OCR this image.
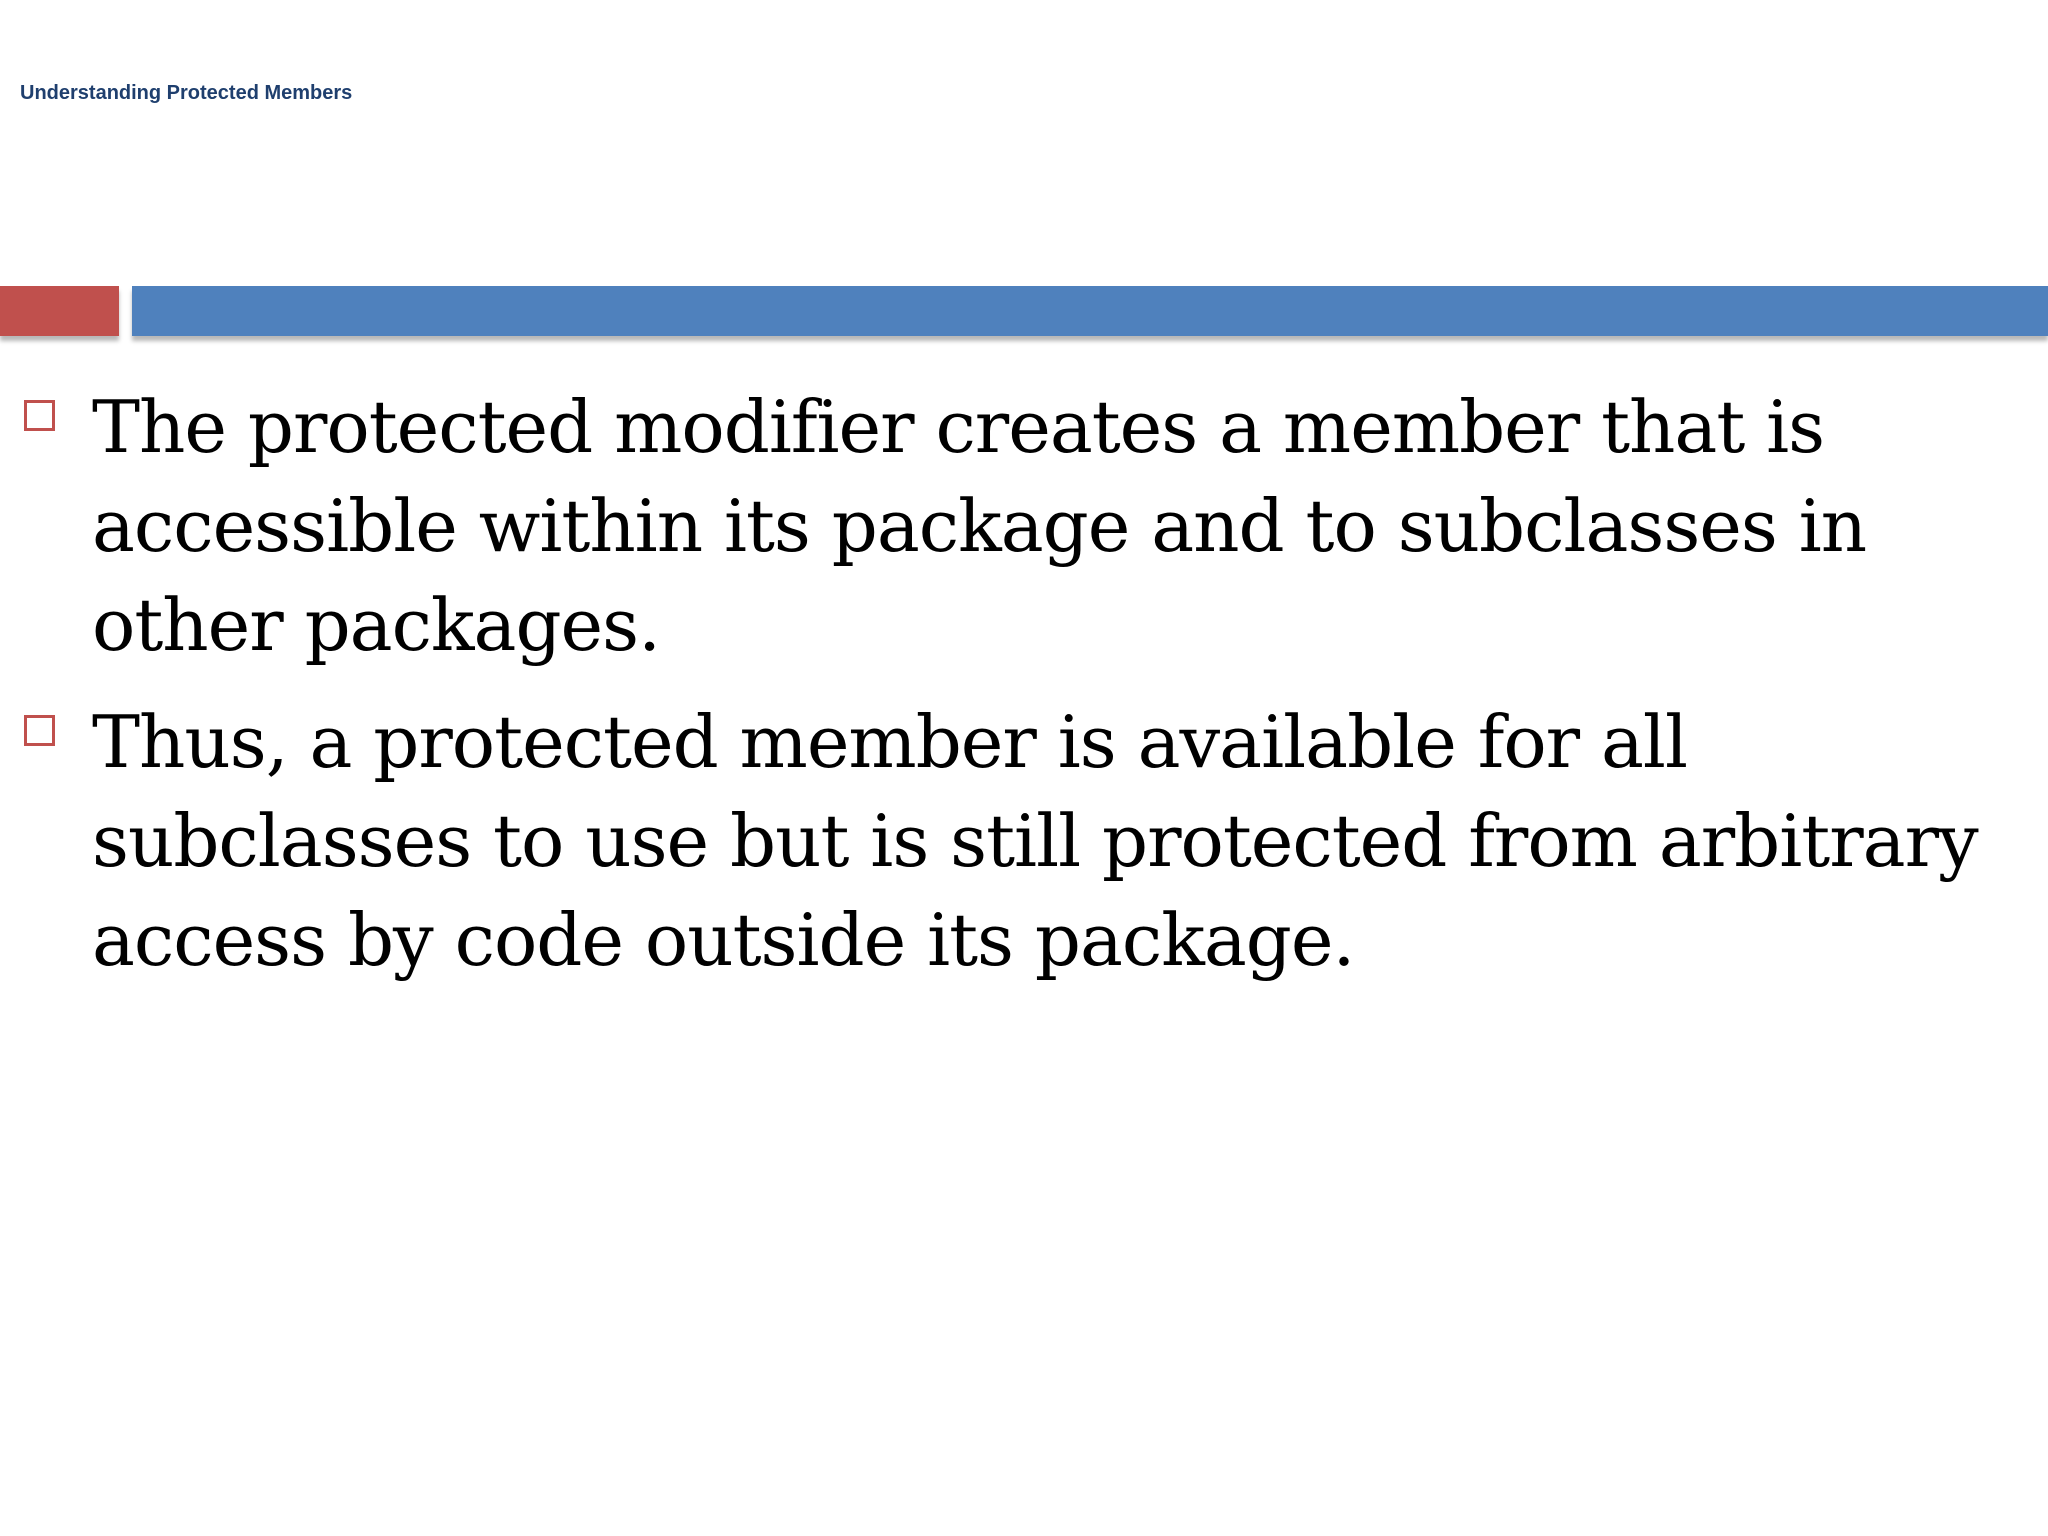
Understanding Protected Members
The protected modifier creates a member that is accessible within its package and to subclasses in other packages.
Thus, a protected member is available for all subclasses to use but is still protected from arbitrary access by code outside its package.
